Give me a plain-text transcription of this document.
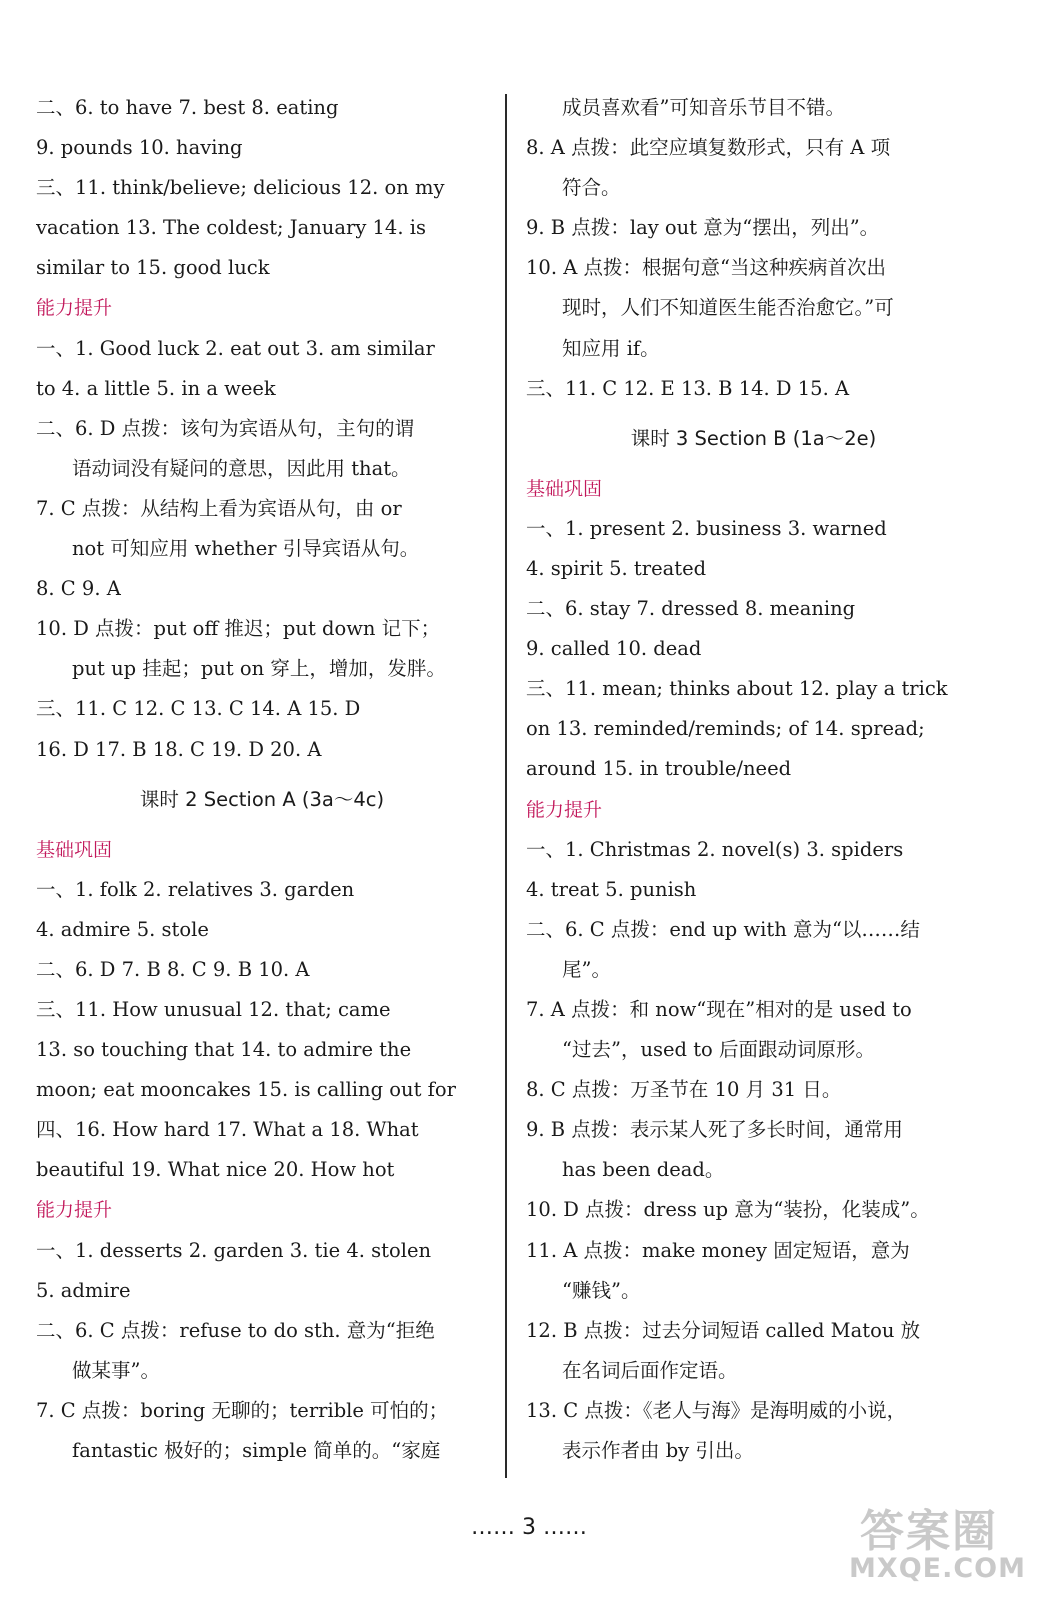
二、6. to have 7. best 8. eating
9. pounds 10. having
三、11. think/believe; delicious 12. on my
vacation 13. The coldest; January 14. is
similar to 15. good luck
能力提升
一、1. Good luck 2. eat out 3. am similar
to 4. a little 5. in a week
二、6. D 点拨：该句为宾语从句，主句的谓
语动词没有疑问的意思，因此用 that。
7. C 点拨：从结构上看为宾语从句，由 or
not 可知应用 whether 引导宾语从句。
8. C 9. A
10. D 点拨：put off 推迟；put down 记下；
put up 挂起；put on 穿上，增加，发胖。
三、11. C 12. C 13. C 14. A 15. D
16. D 17. B 18. C 19. D 20. A
课时 2 Section A (3a～4c)
基础巩固
一、1. folk 2. relatives 3. garden
4. admire 5. stole
二、6. D 7. B 8. C 9. B 10. A
三、11. How unusual 12. that; came
13. so touching that 14. to admire the
moon; eat mooncakes 15. is calling out for
四、16. How hard 17. What a 18. What
beautiful 19. What nice 20. How hot
能力提升
一、1. desserts 2. garden 3. tie 4. stolen
5. admire
二、6. C 点拨：refuse to do sth. 意为“拒绝
做某事”。
7. C 点拨：boring 无聊的；terrible 可怕的；
fantastic 极好的；simple 简单的。“家庭
成员喜欢看”可知音乐节目不错。
8. A 点拨：此空应填复数形式，只有 A 项
符合。
9. B 点拨：lay out 意为“摆出，列出”。
10. A 点拨：根据句意“当这种疾病首次出
现时，人们不知道医生能否治愈它。”可
知应用 if。
三、11. C 12. E 13. B 14. D 15. A
课时 3 Section B (1a～2e)
基础巩固
一、1. present 2. business 3. warned
4. spirit 5. treated
二、6. stay 7. dressed 8. meaning
9. called 10. dead
三、11. mean; thinks about 12. play a trick
on 13. reminded/reminds; of 14. spread;
around 15. in trouble/need
能力提升
一、1. Christmas 2. novel(s) 3. spiders
4. treat 5. punish
二、6. C 点拨：end up with 意为“以……结
尾”。
7. A 点拨：和 now“现在”相对的是 used to
“过去”，used to 后面跟动词原形。
8. C 点拨：万圣节在 10 月 31 日。
9. B 点拨：表示某人死了多长时间，通常用
has been dead。
10. D 点拨：dress up 意为“装扮，化装成”。
11. A 点拨：make money 固定短语，意为
“赚钱”。
12. B 点拨：过去分词短语 called Matou 放
在名词后面作定语。
13. C 点拨：《老人与海》是海明威的小说，
表示作者由 by 引出。
…… 3 ……	答案圈
MXQE.COM
